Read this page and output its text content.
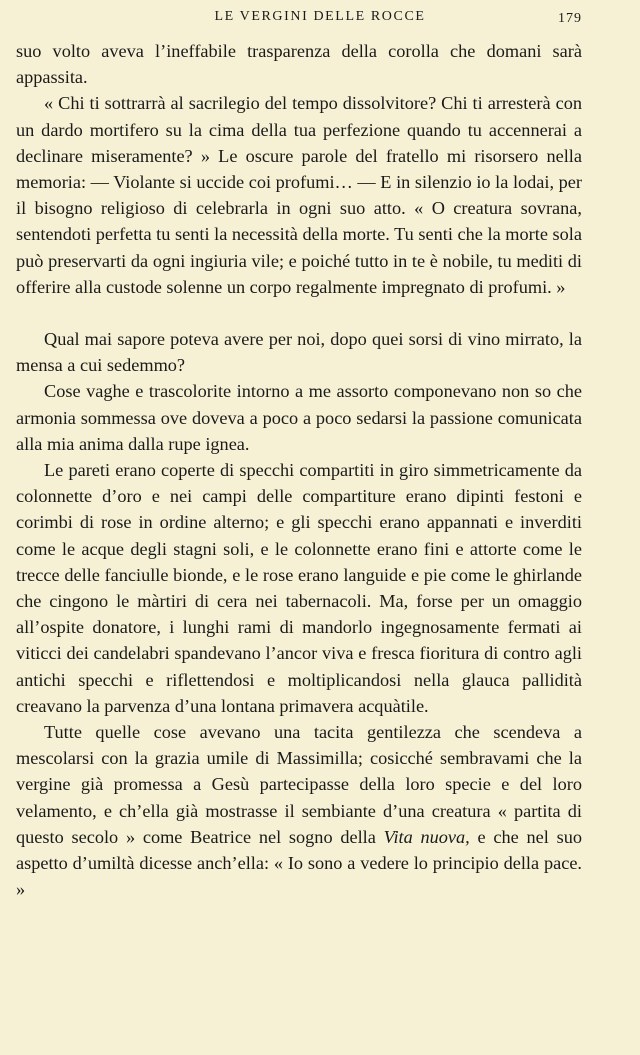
LE VERGINI DELLE ROCCE	179

suo volto aveva l’ineffabile trasparenza della corolla che domani sarà appassita.

« Chi ti sottrarrà al sacrilegio del tempo dissolvitore? Chi ti arresterà con un dardo mortifero su la cima della tua perfezione quando tu accennerai a declinare miseramente? » Le oscure parole del fratello mi risorsero nella memoria: — Violante si uccide coi profumi… — E in silenzio io la lodai, per il bisogno religioso di celebrarla in ogni suo atto. « O creatura sovrana, sentendoti perfetta tu senti la necessità della morte. Tu senti che la morte sola può preservarti da ogni ingiuria vile; e poiché tutto in te è nobile, tu mediti di offerire alla custode solenne un corpo regalmente impregnato di profumi. »

Qual mai sapore poteva avere per noi, dopo quei sorsi di vino mirrato, la mensa a cui sedemmo?

Cose vaghe e trascolorite intorno a me assorto componevano non so che armonia sommessa ove doveva a poco a poco sedarsi la passione comunicata alla mia anima dalla rupe ignea.

Le pareti erano coperte di specchi compartiti in giro simmetricamente da colonnette d’oro e nei campi delle compartiture erano dipinti festoni e corimbi di rose in ordine alterno; e gli specchi erano appannati e inverditi come le acque degli stagni soli, e le colonnette erano fini e attorte come le trecce delle fanciulle bionde, e le rose erano languide e pie come le ghirlande che cingono le màrtiri di cera nei tabernacoli. Ma, forse per un omaggio all’ospite donatore, i lunghi rami di mandorlo ingegnosamente fermati ai viticci dei candelabri spandevano l’ancor viva e fresca fioritura di contro agli antichi specchi e riflettendosi e moltiplicandosi nella glauca pallidità creavano la parvenza d’una lontana primavera acquàtile.

Tutte quelle cose avevano una tacita gentilezza che scendeva a mescolarsi con la grazia umile di Massimilla; cosicché sembravami che la vergine già promessa a Gesù partecipasse della loro specie e del loro velamento, e ch’ella già mostrasse il sembiante d’una creatura « partita di questo secolo » come Beatrice nel sogno della Vita nuova, e che nel suo aspetto d’umiltà dicesse anch’ella: « Io sono a vedere lo principio della pace. »
